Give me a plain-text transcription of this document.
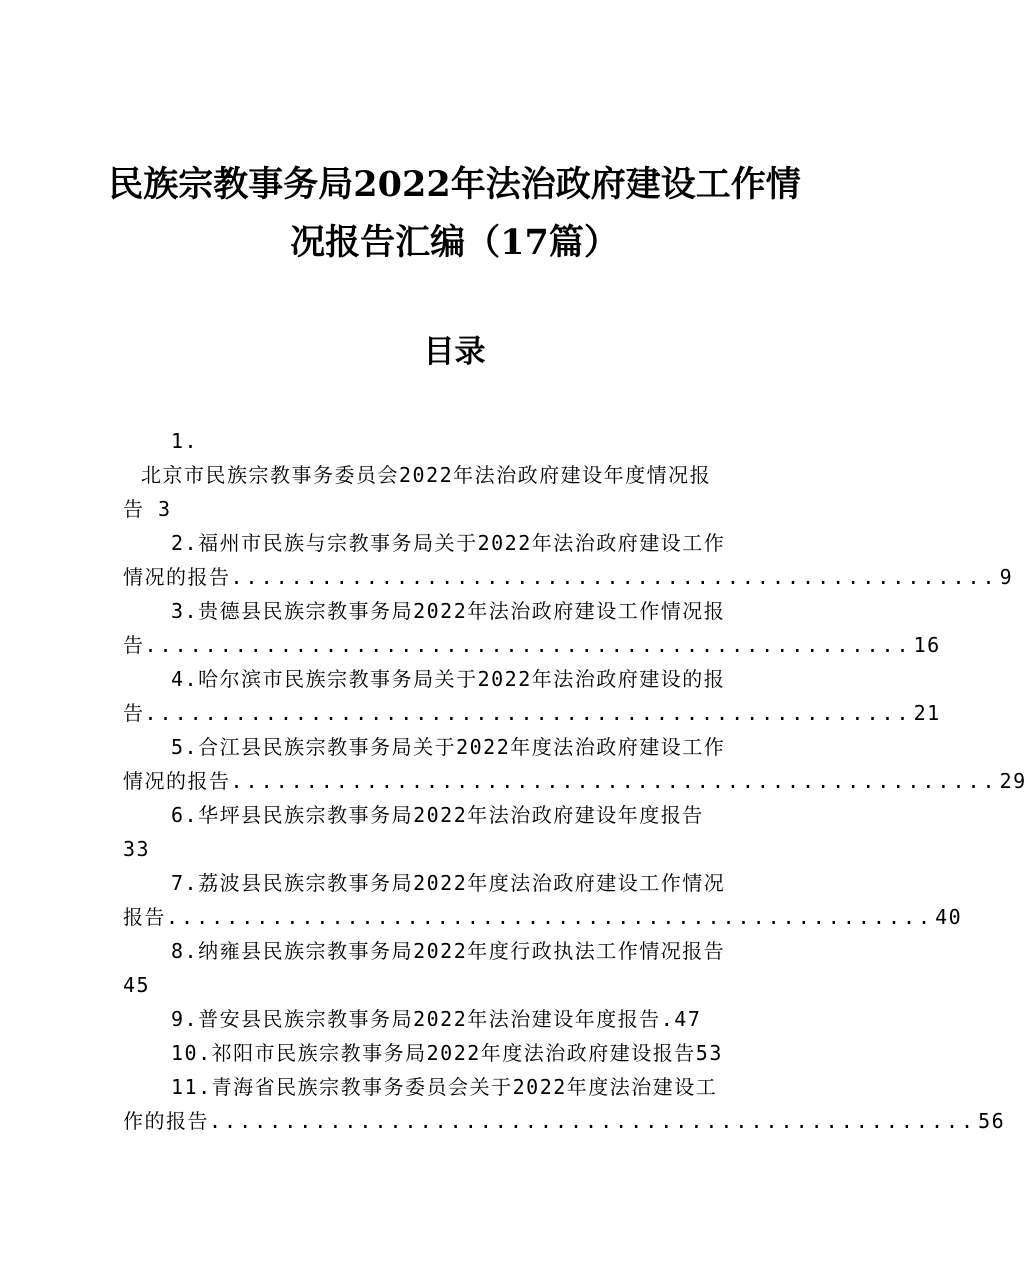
民族宗教事务局2022年法治政府建设工作情
况报告汇编（17篇）
目录
1.
北京市民族宗教事务委员会2022年法治政府建设年度情况报
告 3
2.福州市民族与宗教事务局关于2022年法治政府建设工作
情况的报告 ................................................... 9
3.贵德县民族宗教事务局2022年法治政府建设工作情况报
告 ................................................... 16
4.哈尔滨市民族宗教事务局关于2022年法治政府建设的报
告 ................................................... 21
5.合江县民族宗教事务局关于2022年度法治政府建设工作
情况的报告 ................................................... 29
6.华坪县民族宗教事务局2022年法治政府建设年度报告
33
7.荔波县民族宗教事务局2022年度法治政府建设工作情况
报告 ................................................... 40
8.纳雍县民族宗教事务局2022年度行政执法工作情况报告
45
9.普安县民族宗教事务局2022年法治建设年度报告.47
10.祁阳市民族宗教事务局2022年度法治政府建设报告53
11.青海省民族宗教事务委员会关于2022年度法治建设工
作的报告 ................................................... 56
